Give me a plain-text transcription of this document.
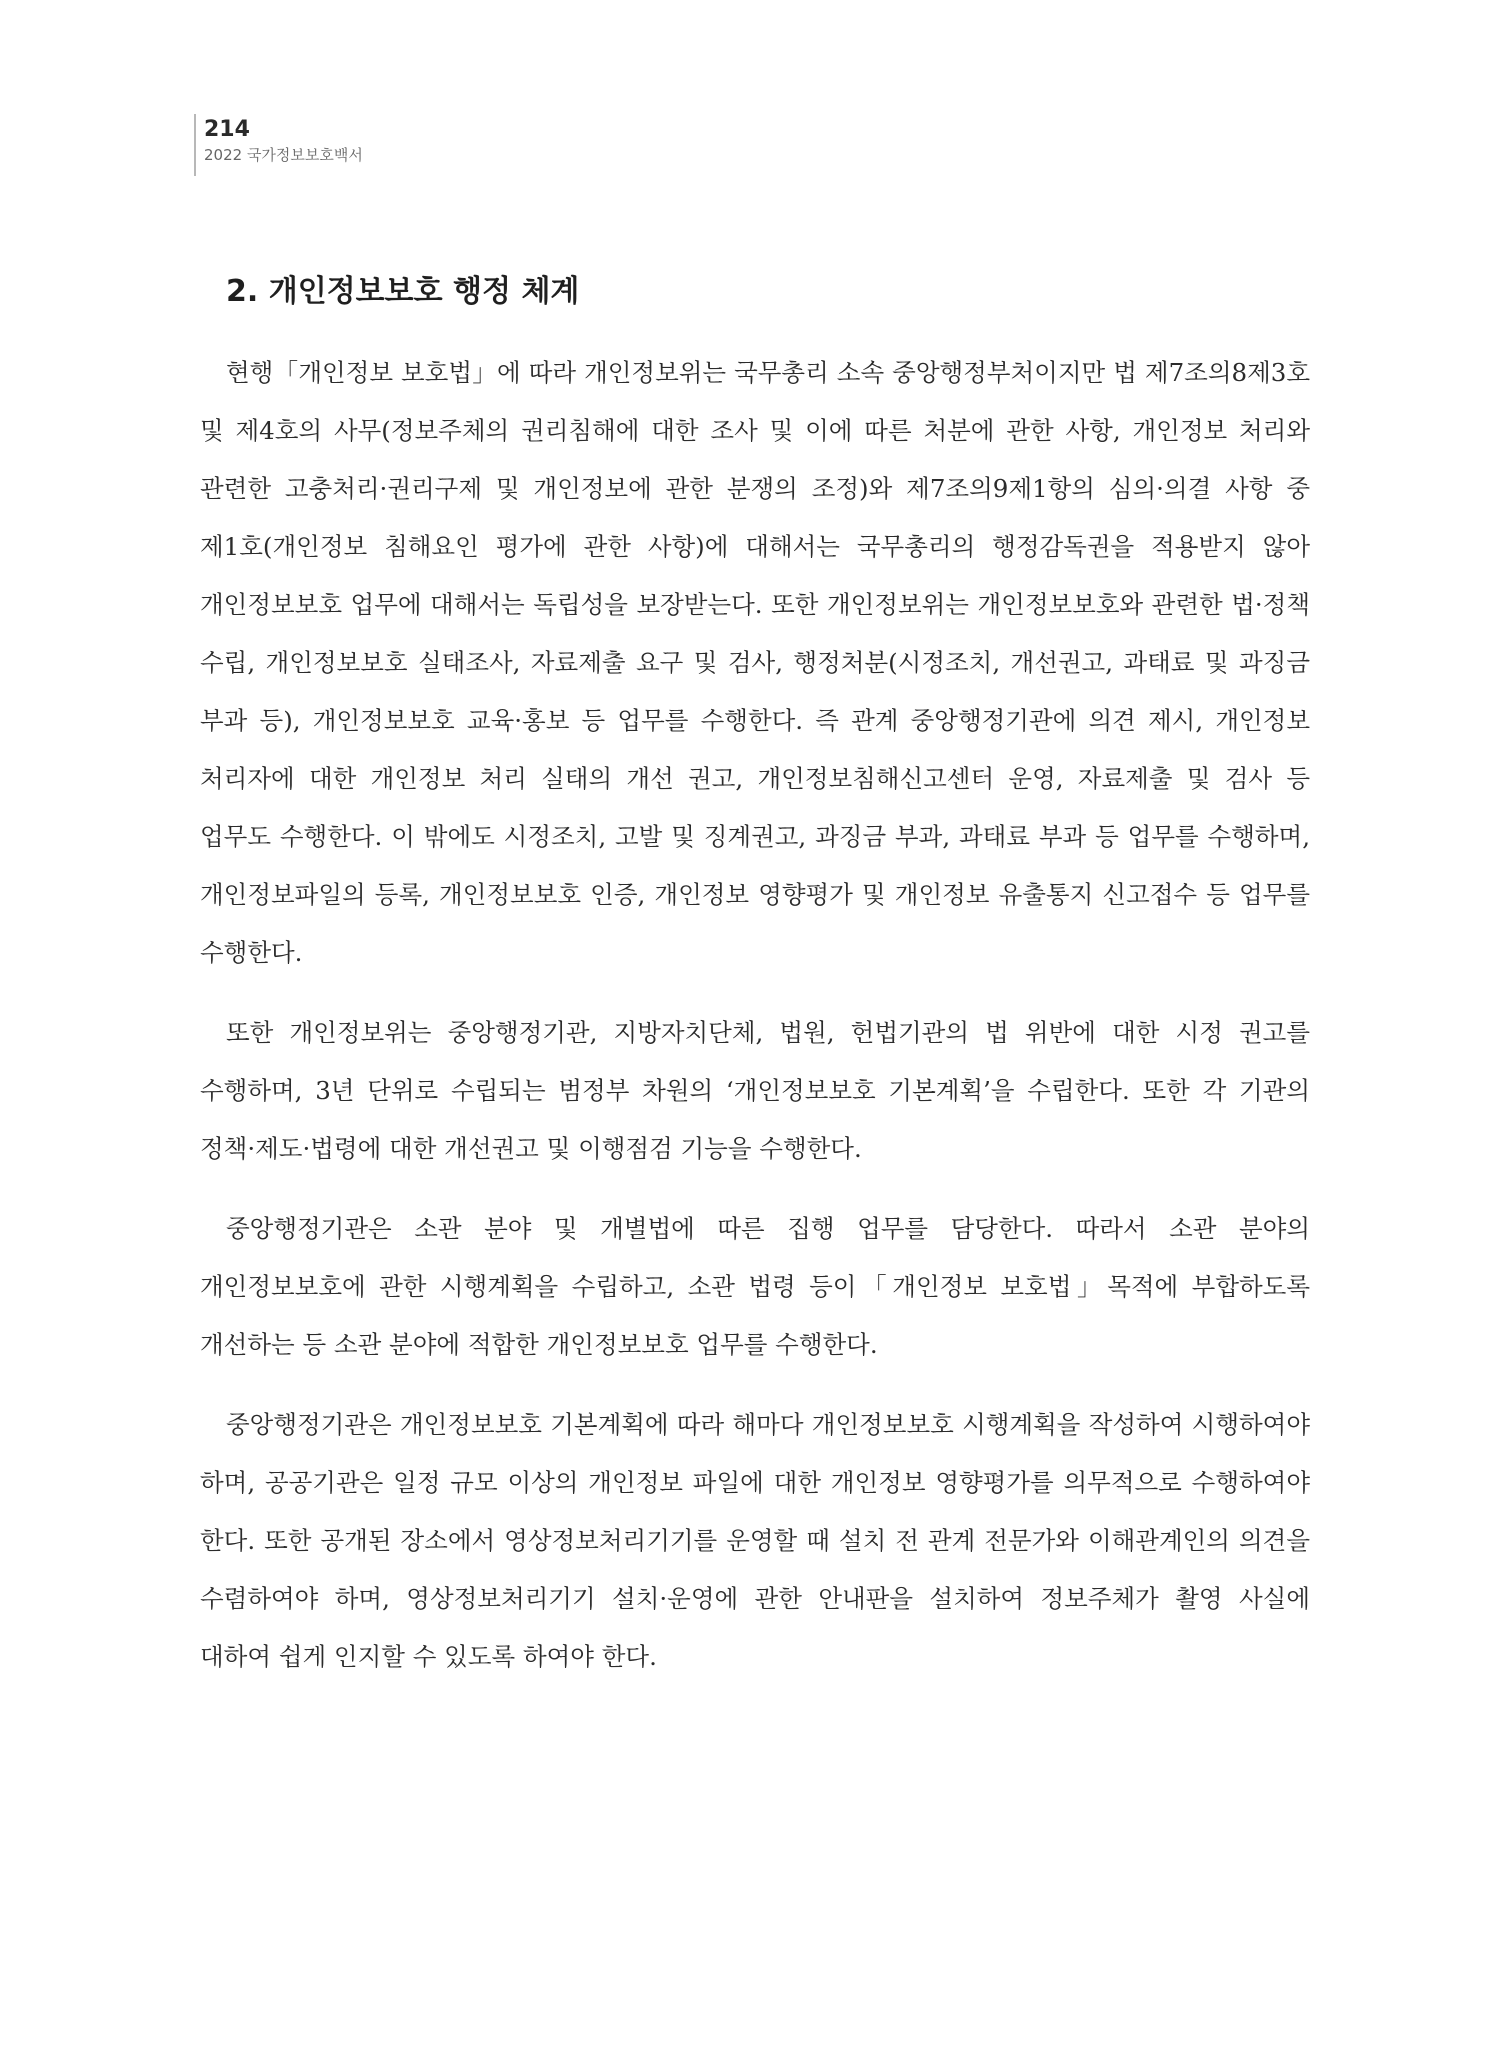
214
2022 국가정보보호백서
2. 개인정보보호 행정 체계

현행「개인정보 보호법」에 따라 개인정보위는 국무총리 소속 중앙행정부처이지만 법 제7조의8제3호 및 제4호의 사무(정보주체의 권리침해에 대한 조사 및 이에 따른 처분에 관한 사항, 개인정보 처리와 관련한 고충처리·권리구제 및 개인정보에 관한 분쟁의 조정)와 제7조의9제1항의 심의·의결 사항 중 제1호(개인정보 침해요인 평가에 관한 사항)에 대해서는 국무총리의 행정감독권을 적용받지 않아 개인정보보호 업무에 대해서는 독립성을 보장받는다. 또한 개인정보위는 개인정보보호와 관련한 법·정책 수립, 개인정보보호 실태조사, 자료제출 요구 및 검사, 행정처분(시정조치, 개선권고, 과태료 및 과징금 부과 등), 개인정보보호 교육·홍보 등 업무를 수행한다. 즉 관계 중앙행정기관에 의견 제시, 개인정보 처리자에 대한 개인정보 처리 실태의 개선 권고, 개인정보침해신고센터 운영, 자료제출 및 검사 등 업무도 수행한다. 이 밖에도 시정조치, 고발 및 징계권고, 과징금 부과, 과태료 부과 등 업무를 수행하며, 개인정보파일의 등록, 개인정보보호 인증, 개인정보 영향평가 및 개인정보 유출통지 신고접수 등 업무를 수행한다.

또한 개인정보위는 중앙행정기관, 지방자치단체, 법원, 헌법기관의 법 위반에 대한 시정 권고를 수행하며, 3년 단위로 수립되는 범정부 차원의 ‘개인정보보호 기본계획’을 수립한다. 또한 각 기관의 정책·제도·법령에 대한 개선권고 및 이행점검 기능을 수행한다.

중앙행정기관은 소관 분야 및 개별법에 따른 집행 업무를 담당한다. 따라서 소관 분야의 개인정보보호에 관한 시행계획을 수립하고, 소관 법령 등이「개인정보 보호법」목적에 부합하도록 개선하는 등 소관 분야에 적합한 개인정보보호 업무를 수행한다.

중앙행정기관은 개인정보보호 기본계획에 따라 해마다 개인정보보호 시행계획을 작성하여 시행하여야 하며, 공공기관은 일정 규모 이상의 개인정보 파일에 대한 개인정보 영향평가를 의무적으로 수행하여야 한다. 또한 공개된 장소에서 영상정보처리기기를 운영할 때 설치 전 관계 전문가와 이해관계인의 의견을 수렴하여야 하며, 영상정보처리기기 설치·운영에 관한 안내판을 설치하여 정보주체가 촬영 사실에 대하여 쉽게 인지할 수 있도록 하여야 한다.
